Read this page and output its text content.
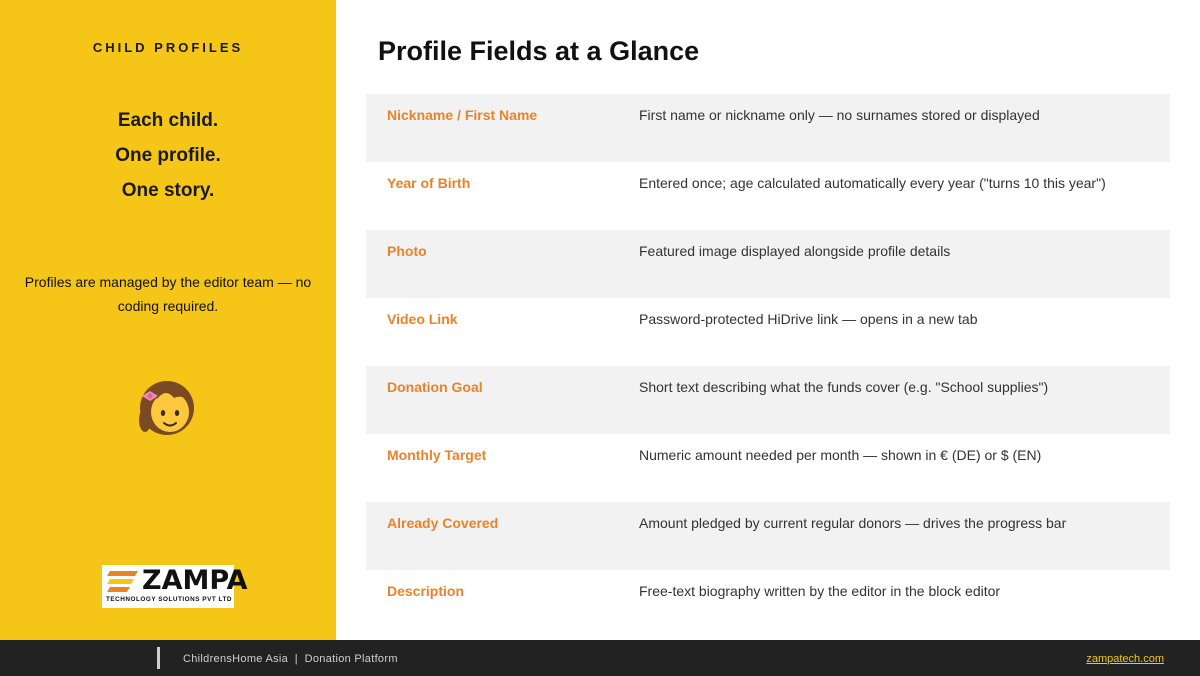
CHILD PROFILES
Each child.
One profile.
One story.
Profiles are managed by the editor team — no coding required.
ZAMPA
TECHNOLOGY SOLUTIONS PVT LTD
Profile Fields at a Glance
Nickname / First Name	First name or nickname only — no surnames stored or displayed
Year of Birth	Entered once; age calculated automatically every year ("turns 10 this year")
Photo	Featured image displayed alongside profile details
Video Link	Password-protected HiDrive link — opens in a new tab
Donation Goal	Short text describing what the funds cover (e.g. "School supplies")
Monthly Target	Numeric amount needed per month — shown in € (DE) or $ (EN)
Already Covered	Amount pledged by current regular donors — drives the progress bar
Description	Free-text biography written by the editor in the block editor
ChildrensHome Asia  |  Donation Platform	zampatech.com
